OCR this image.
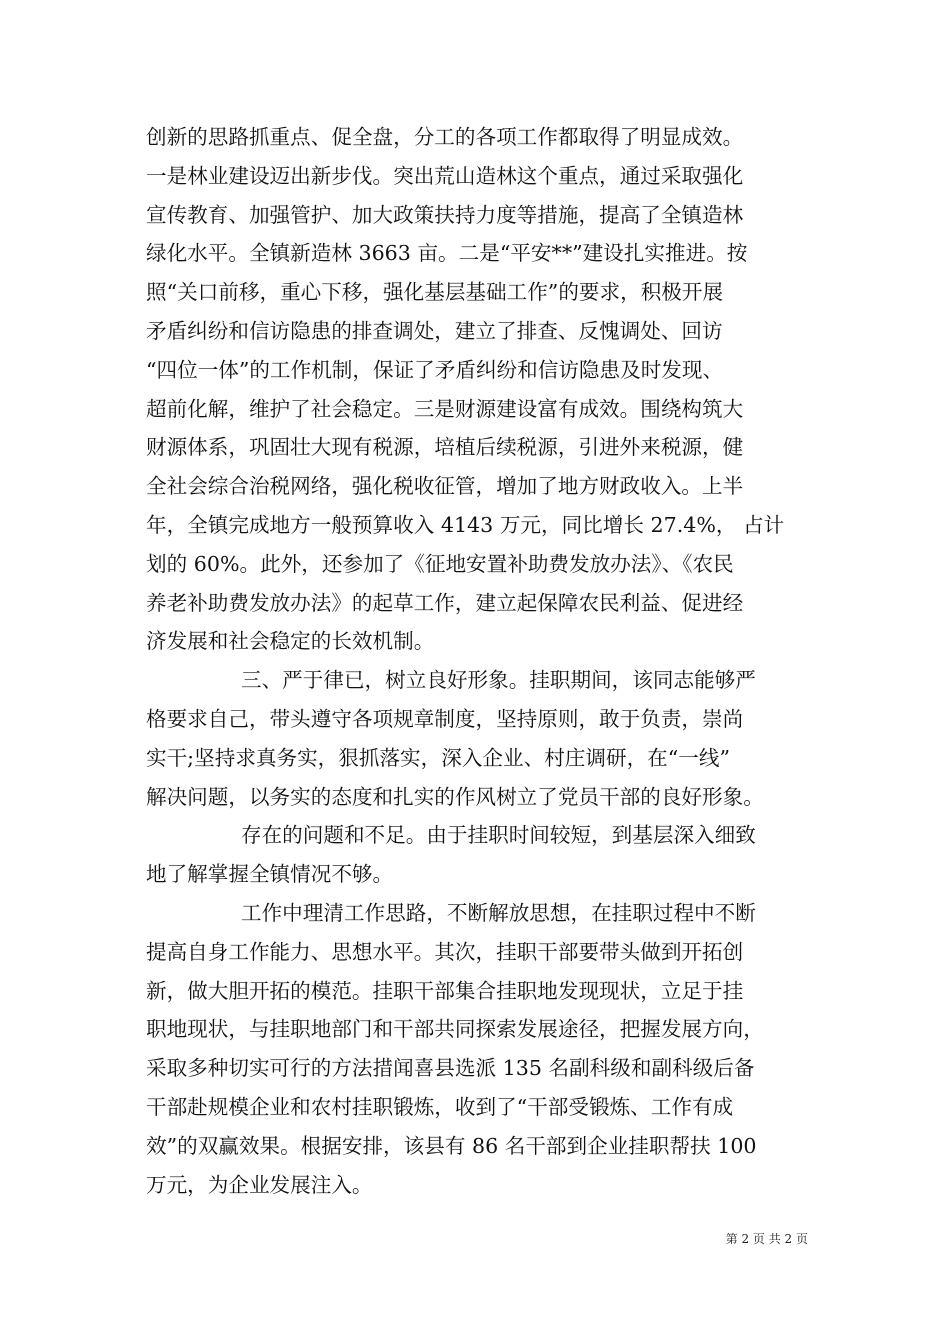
创新的思路抓重点、促全盘，分工的各项工作都取得了明显成效。
一是林业建设迈出新步伐。突出荒山造林这个重点，通过采取强化
宣传教育、加强管护、加大政策扶持力度等措施，提高了全镇造林
绿化水平。全镇新造林 3663 亩。二是“平安**”建设扎实推进。按
照“关口前移，重心下移，强化基层基础工作”的要求，积极开展
矛盾纠纷和信访隐患的排查调处，建立了排查、反愧调处、回访
“四位一体”的工作机制，保证了矛盾纠纷和信访隐患及时发现、
超前化解，维护了社会稳定。三是财源建设富有成效。围绕构筑大
财源体系，巩固壮大现有税源，培植后续税源，引进外来税源，健
全社会综合治税网络，强化税收征管，增加了地方财政收入。上半
年，全镇完成地方一般预算收入 4143 万元，同比增长 27.4%， 占计
划的 60%。此外，还参加了《征地安置补助费发放办法》、《农民
养老补助费发放办法》的起草工作，建立起保障农民利益、促进经
济发展和社会稳定的长效机制。
三、严于律已，树立良好形象。挂职期间，该同志能够严
格要求自己，带头遵守各项规章制度，坚持原则，敢于负责，崇尚
实干;坚持求真务实，狠抓落实，深入企业、村庄调研，在“一线”
解决问题，以务实的态度和扎实的作风树立了党员干部的良好形象。
存在的问题和不足。由于挂职时间较短，到基层深入细致
地了解掌握全镇情况不够。
工作中理清工作思路，不断解放思想，在挂职过程中不断
提高自身工作能力、思想水平。其次，挂职干部要带头做到开拓创
新，做大胆开拓的模范。挂职干部集合挂职地发现现状，立足于挂
职地现状，与挂职地部门和干部共同探索发展途径，把握发展方向，
采取多种切实可行的方法措闻喜县选派 135 名副科级和副科级后备
干部赴规模企业和农村挂职锻炼，收到了“干部受锻炼、工作有成
效”的双赢效果。根据安排，该县有 86 名干部到企业挂职帮扶 100
万元，为企业发展注入。
第 2 页 共 2 页
